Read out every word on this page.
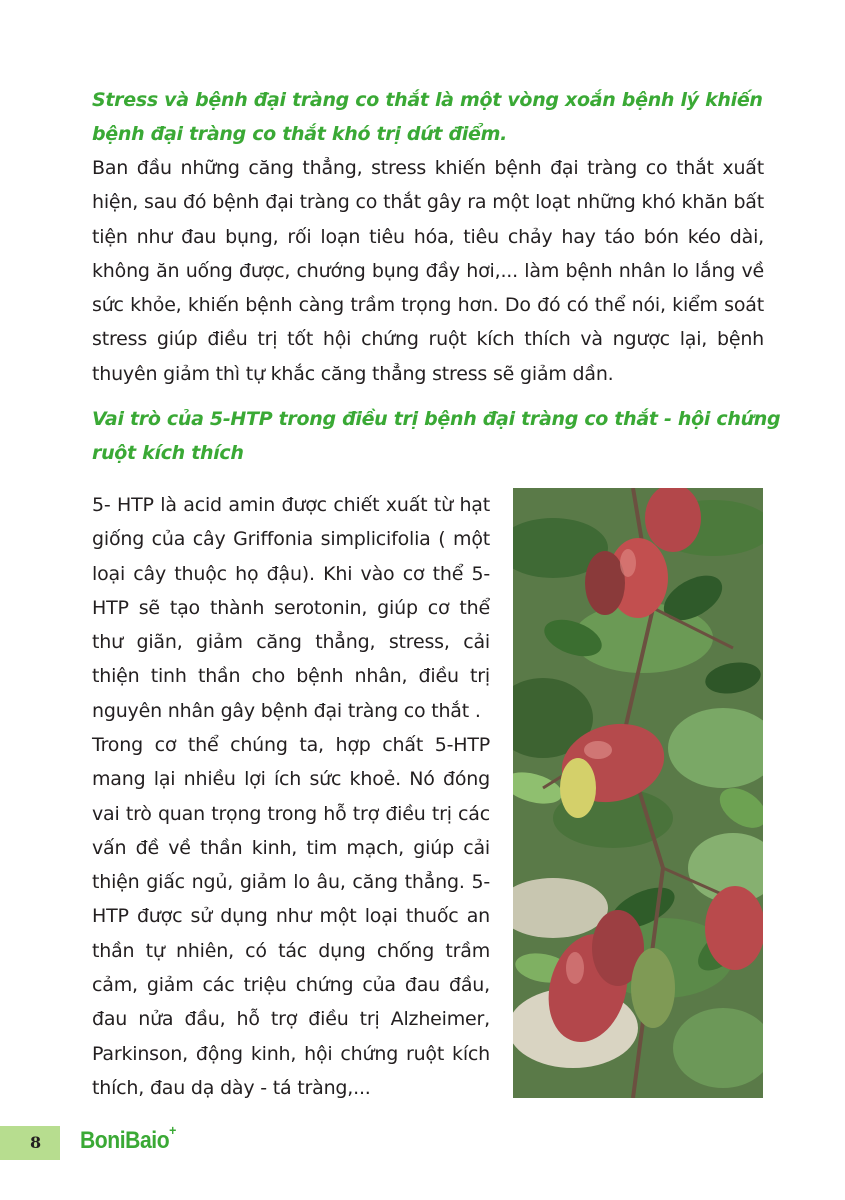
Stress và bệnh đại tràng co thắt là một vòng xoắn bệnh lý khiến bệnh đại tràng co thắt khó trị dứt điểm.

Ban đầu những căng thẳng, stress khiến bệnh đại tràng co thắt xuất hiện, sau đó bệnh đại tràng co thắt gây ra một loạt những khó khăn bất tiện như đau bụng, rối loạn tiêu hóa, tiêu chảy hay táo bón kéo dài, không ăn uống được, chướng bụng đầy hơi,... làm bệnh nhân lo lắng về sức khỏe, khiến bệnh càng trầm trọng hơn. Do đó có thể nói, kiểm soát stress giúp điều trị tốt hội chứng ruột kích thích và ngược lại, bệnh thuyên giảm thì tự khắc căng thẳng stress sẽ giảm dần.

Vai trò của 5-HTP trong điều trị bệnh đại tràng co thắt - hội chứng ruột kích thích

5- HTP là acid amin được chiết xuất từ hạt giống của cây Griffonia simplicifolia ( một loại cây thuộc họ đậu). Khi vào cơ thể 5-HTP sẽ tạo thành serotonin, giúp cơ thể thư giãn, giảm căng thẳng, stress, cải thiện tinh thần cho bệnh nhân, điều trị nguyên nhân gây bệnh đại tràng co thắt .

Trong cơ thể chúng ta, hợp chất 5-HTP mang lại nhiều lợi ích sức khoẻ. Nó đóng vai trò quan trọng trong hỗ trợ điều trị các vấn đề về thần kinh, tim mạch, giúp cải thiện giấc ngủ, giảm lo âu, căng thẳng. 5-HTP được sử dụng như một loại thuốc an thần tự nhiên, có tác dụng chống trầm cảm, giảm các triệu chứng của đau đầu, đau nửa đầu, hỗ trợ điều trị Alzheimer, Parkinson, động kinh, hội chứng ruột kích thích, đau dạ dày - tá tràng,...

8 BoniBaio+
